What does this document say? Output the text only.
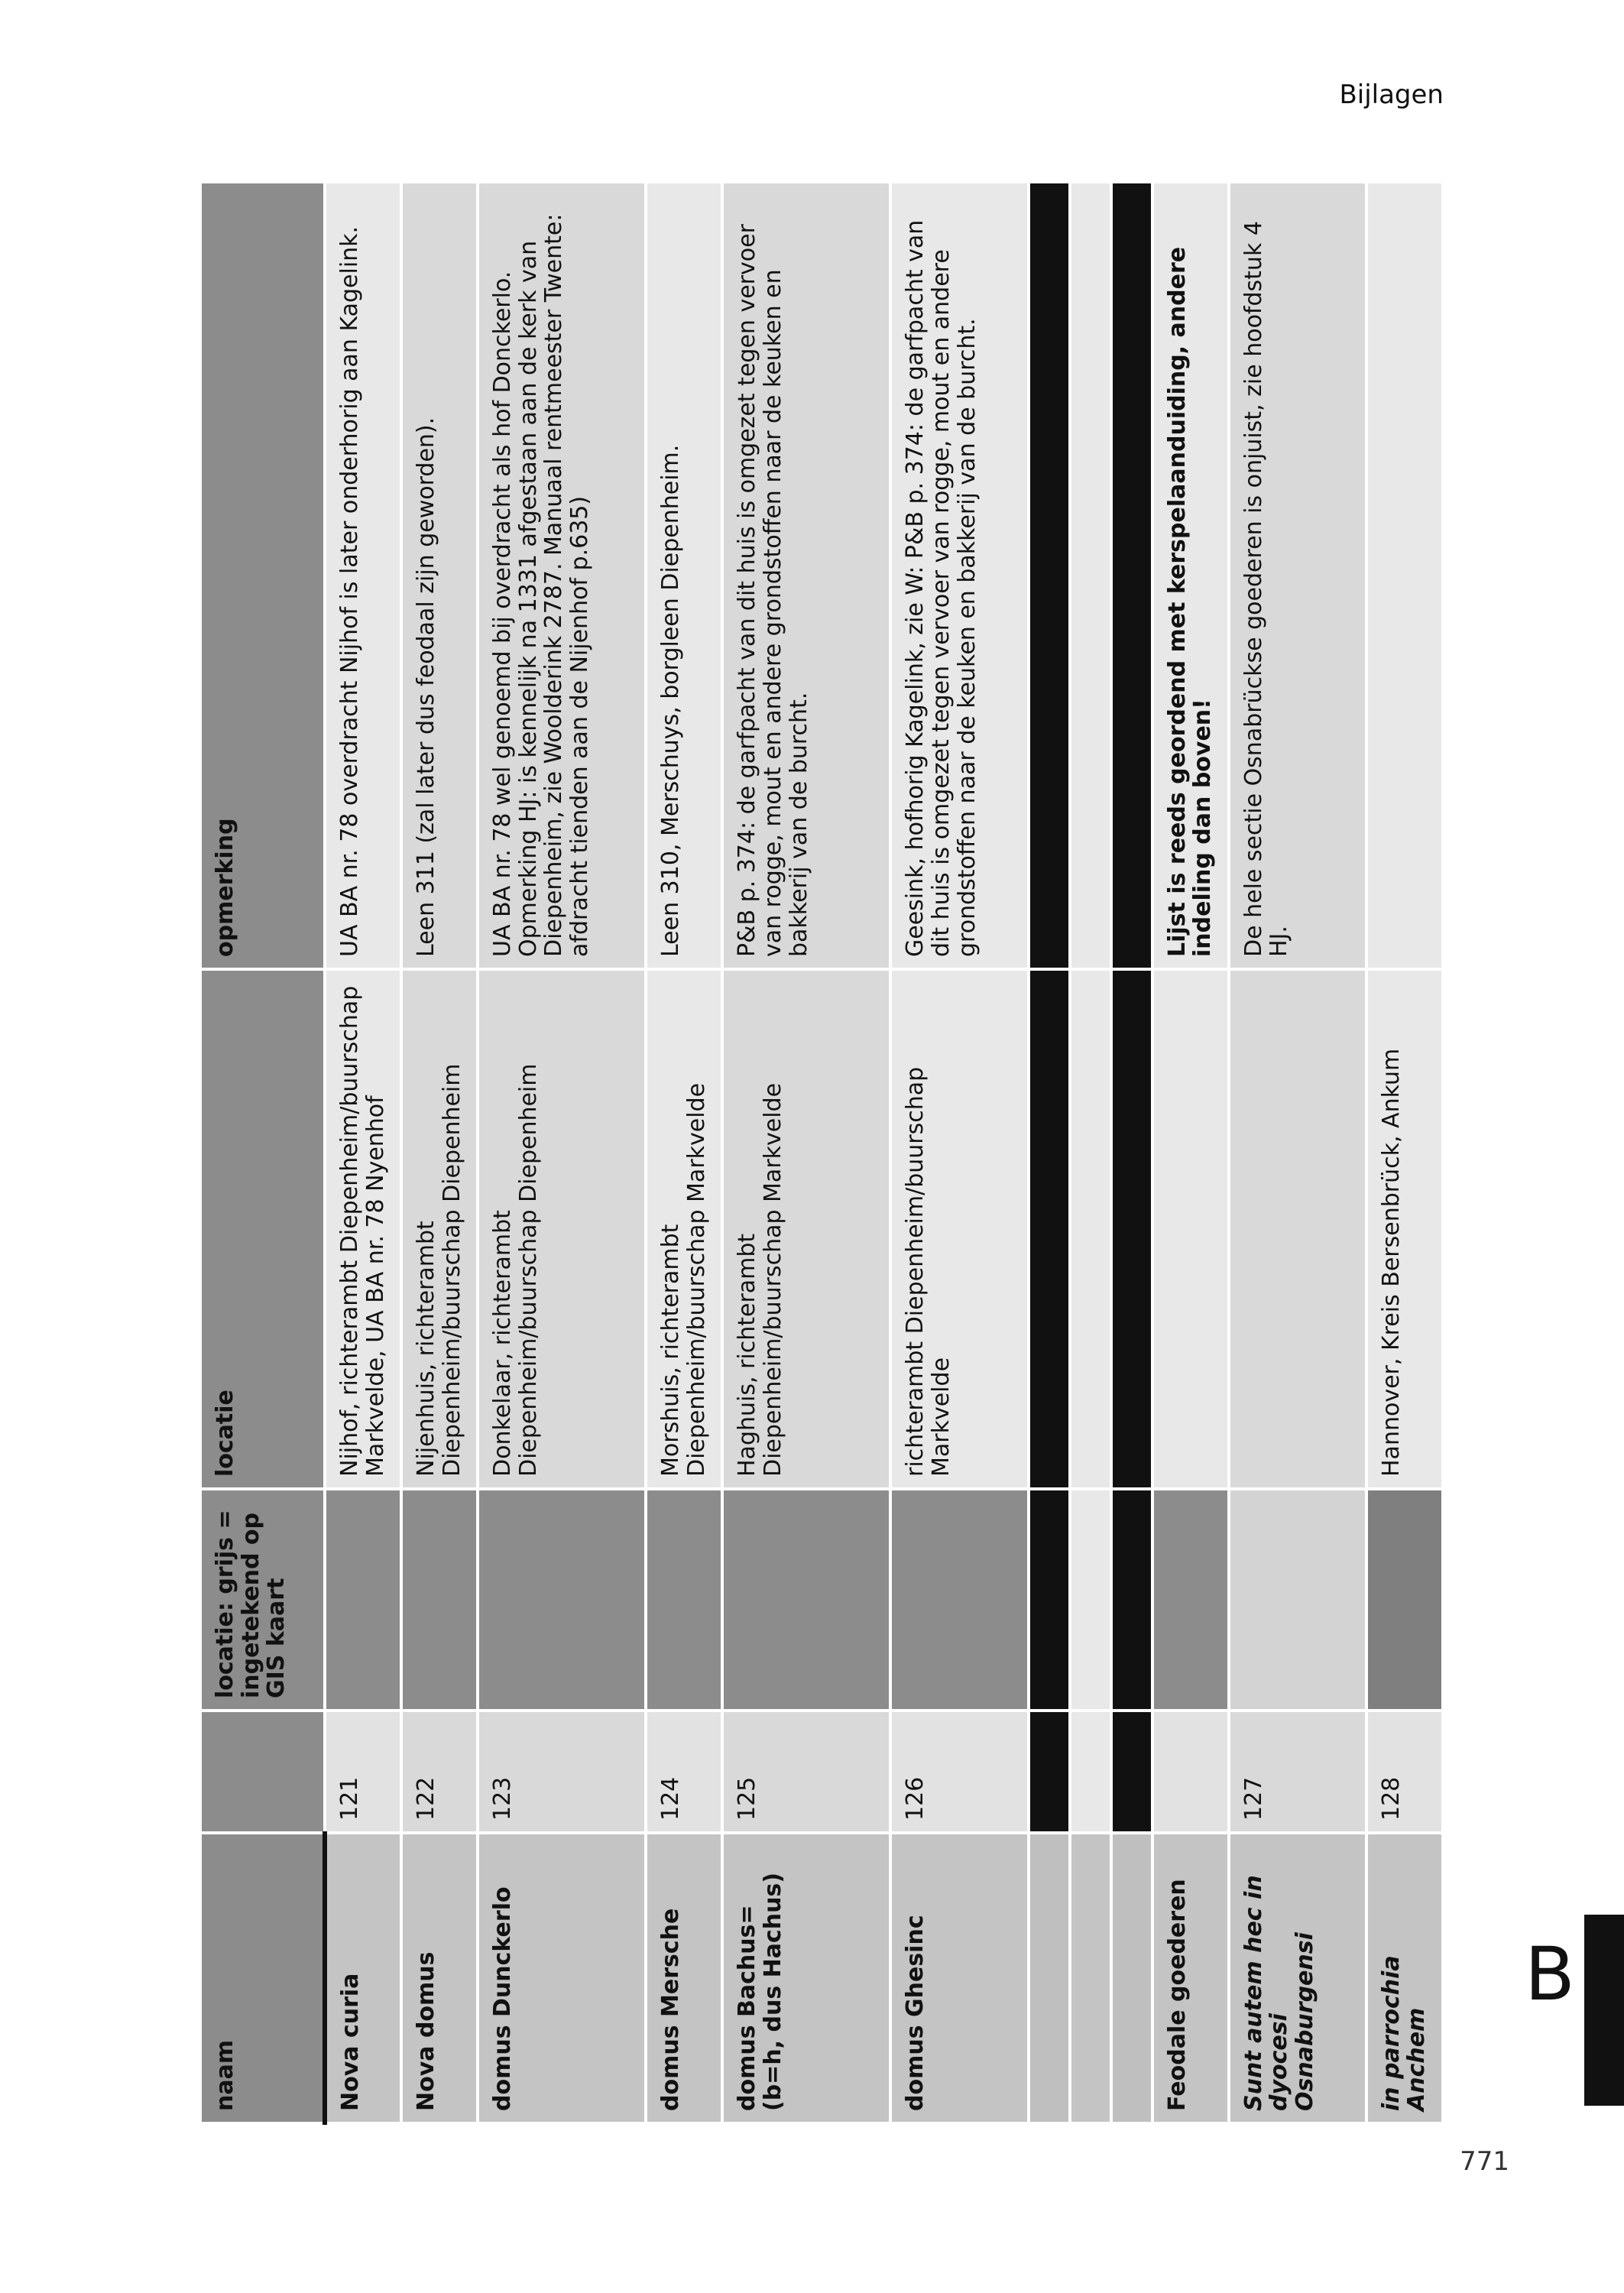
Bijlagen
naam		locatie: grijs = ingetekend op GIS kaart	locatie	opmerking
Nova curia	121		Nijhof, richterambt Diepenheim/buurschap Markvelde, UA BA nr. 78 Nyenhof	UA BA nr. 78 overdracht Nijhof is later onderhorig aan Kagelink.
Nova domus	122		Nijenhuis, richterambt Diepenheim/buurschap Diepenheim	Leen 311 (zal later dus feodaal zijn geworden).
domus Dunckerlo	123		Donkelaar, richterambt Diepenheim/buurschap Diepenheim	UA BA nr. 78 wel genoemd bij overdracht als hof Donckerlo. Opmerking HJ: is kennelijk na 1331 afgestaan aan de kerk van Diepenheim, zie Woolderink 2787. Manuaal rentmeester Twente: afdracht tienden aan de Nijenhof p.635)
domus Mersche	124		Morshuis, richterambt Diepenheim/buurschap Markvelde	Leen 310, Merschuys, borgleen Diepenheim.
domus Bachus= (b=h, dus Hachus)	125		Haghuis, richterambt Diepenheim/buurschap Markvelde	P&B p. 374: de garfpacht van dit huis is omgezet tegen vervoer van rogge, mout en andere grondstoffen naar de keuken en bakkerij van de burcht.
domus Ghesinc	126		richterambt Diepenheim/buurschap Markvelde	Geesink, hofhorig Kagelink, zie W: P&B p. 374: de garfpacht van dit huis is omgezet tegen vervoer van rogge, mout en andere grondstoffen naar de keuken en bakkerij van de burcht.

Feodale goederen				Lijst is reeds geordend met kerspelaanduiding, andere indeling dan boven!
Sunt autem hec in dyocesi Osnaburgensi	127			De hele sectie Osnabrückse goederen is onjuist, zie hoofdstuk 4 HJ.
in parrochia Anchem	128		Hannover, Kreis Bersenbrück, Ankum	
B
771
